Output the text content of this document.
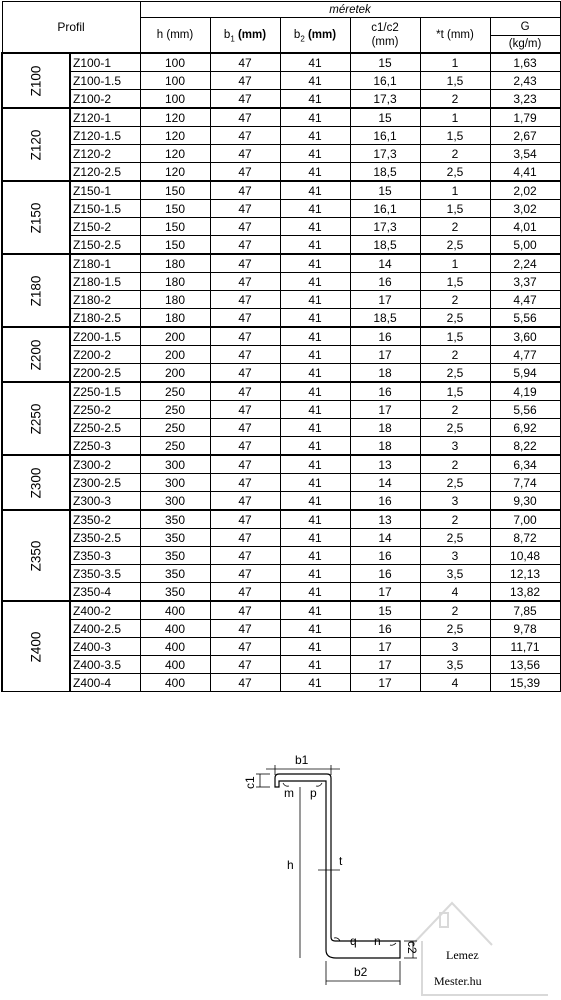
Profil		méretek					
		h (mm)	$b_1$ (mm)	$b_2$ (mm)	c1/c2
(mm)	*t (mm)	G
							(kg/m)
Z100	Z100-1	100	47	41	15	1	1,63
	Z100-1.5	100	47	41	16,1	1,5	2,43
	Z100-2	100	47	41	17,3	2	3,23
Z120	Z120-1	120	47	41	15	1	1,79
	Z120-1.5	120	47	41	16,1	1,5	2,67
	Z120-2	120	47	41	17,3	2	3,54
	Z120-2.5	120	47	41	18,5	2,5	4,41
Z150	Z150-1	150	47	41	15	1	2,02
	Z150-1.5	150	47	41	16,1	1,5	3,02
	Z150-2	150	47	41	17,3	2	4,01
	Z150-2.5	150	47	41	18,5	2,5	5,00
Z180	Z180-1	180	47	41	14	1	2,24
	Z180-1.5	180	47	41	16	1,5	3,37
	Z180-2	180	47	41	17	2	4,47
	Z180-2.5	180	47	41	18,5	2,5	5,56
Z200	Z200-1.5	200	47	41	16	1,5	3,60
	Z200-2	200	47	41	17	2	4,77
	Z200-2.5	200	47	41	18	2,5	5,94
Z250	Z250-1.5	250	47	41	16	1,5	4,19
	Z250-2	250	47	41	17	2	5,56
	Z250-2.5	250	47	41	18	2,5	6,92
	Z250-3	250	47	41	18	3	8,22
Z300	Z300-2	300	47	41	13	2	6,34
	Z300-2.5	300	47	41	14	2,5	7,74
	Z300-3	300	47	41	16	3	9,30
Z350	Z350-2	350	47	41	13	2	7,00
	Z350-2.5	350	47	41	14	2,5	8,72
	Z350-3	350	47	41	16	3	10,48
	Z350-3.5	350	47	41	16	3,5	12,13
	Z350-4	350	47	41	17	4	13,82
Z400	Z400-2	400	47	41	15	2	7,85
	Z400-2.5	400	47	41	16	2,5	9,78
	Z400-3	400	47	41	17	3	11,71
	Z400-3.5	400	47	41	17	3,5	13,56
	Z400-4	400	47	41	17	4	15,39
Lemez
Mester.hu
b1
c1
m p
h	t
q n c2
b2
